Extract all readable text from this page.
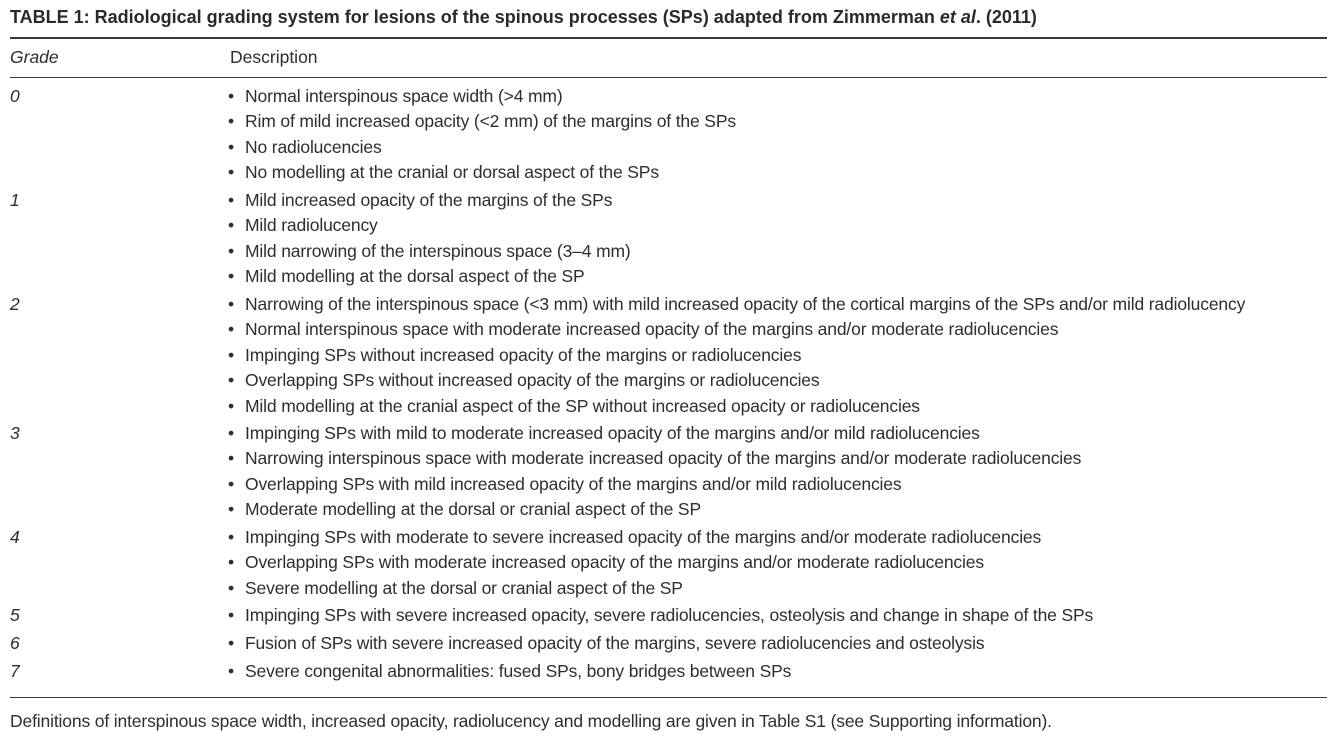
TABLE 1: Radiological grading system for lesions of the spinous processes (SPs) adapted from Zimmerman et al. (2011)
Grade	Description
0	• Normal interspinous space width (>4 mm)
• Rim of mild increased opacity (<2 mm) of the margins of the SPs
• No radiolucencies
• No modelling at the cranial or dorsal aspect of the SPs
1	• Mild increased opacity of the margins of the SPs
• Mild radiolucency
• Mild narrowing of the interspinous space (3–4 mm)
• Mild modelling at the dorsal aspect of the SP
2	• Narrowing of the interspinous space (<3 mm) with mild increased opacity of the cortical margins of the SPs and/or mild radiolucency
• Normal interspinous space with moderate increased opacity of the margins and/or moderate radiolucencies
• Impinging SPs without increased opacity of the margins or radiolucencies
• Overlapping SPs without increased opacity of the margins or radiolucencies
• Mild modelling at the cranial aspect of the SP without increased opacity or radiolucencies
3	• Impinging SPs with mild to moderate increased opacity of the margins and/or mild radiolucencies
• Narrowing interspinous space with moderate increased opacity of the margins and/or moderate radiolucencies
• Overlapping SPs with mild increased opacity of the margins and/or mild radiolucencies
• Moderate modelling at the dorsal or cranial aspect of the SP
4	• Impinging SPs with moderate to severe increased opacity of the margins and/or moderate radiolucencies
• Overlapping SPs with moderate increased opacity of the margins and/or moderate radiolucencies
• Severe modelling at the dorsal or cranial aspect of the SP
5	• Impinging SPs with severe increased opacity, severe radiolucencies, osteolysis and change in shape of the SPs
6	• Fusion of SPs with severe increased opacity of the margins, severe radiolucencies and osteolysis
7	• Severe congenital abnormalities: fused SPs, bony bridges between SPs
Definitions of interspinous space width, increased opacity, radiolucency and modelling are given in Table S1 (see Supporting information).
